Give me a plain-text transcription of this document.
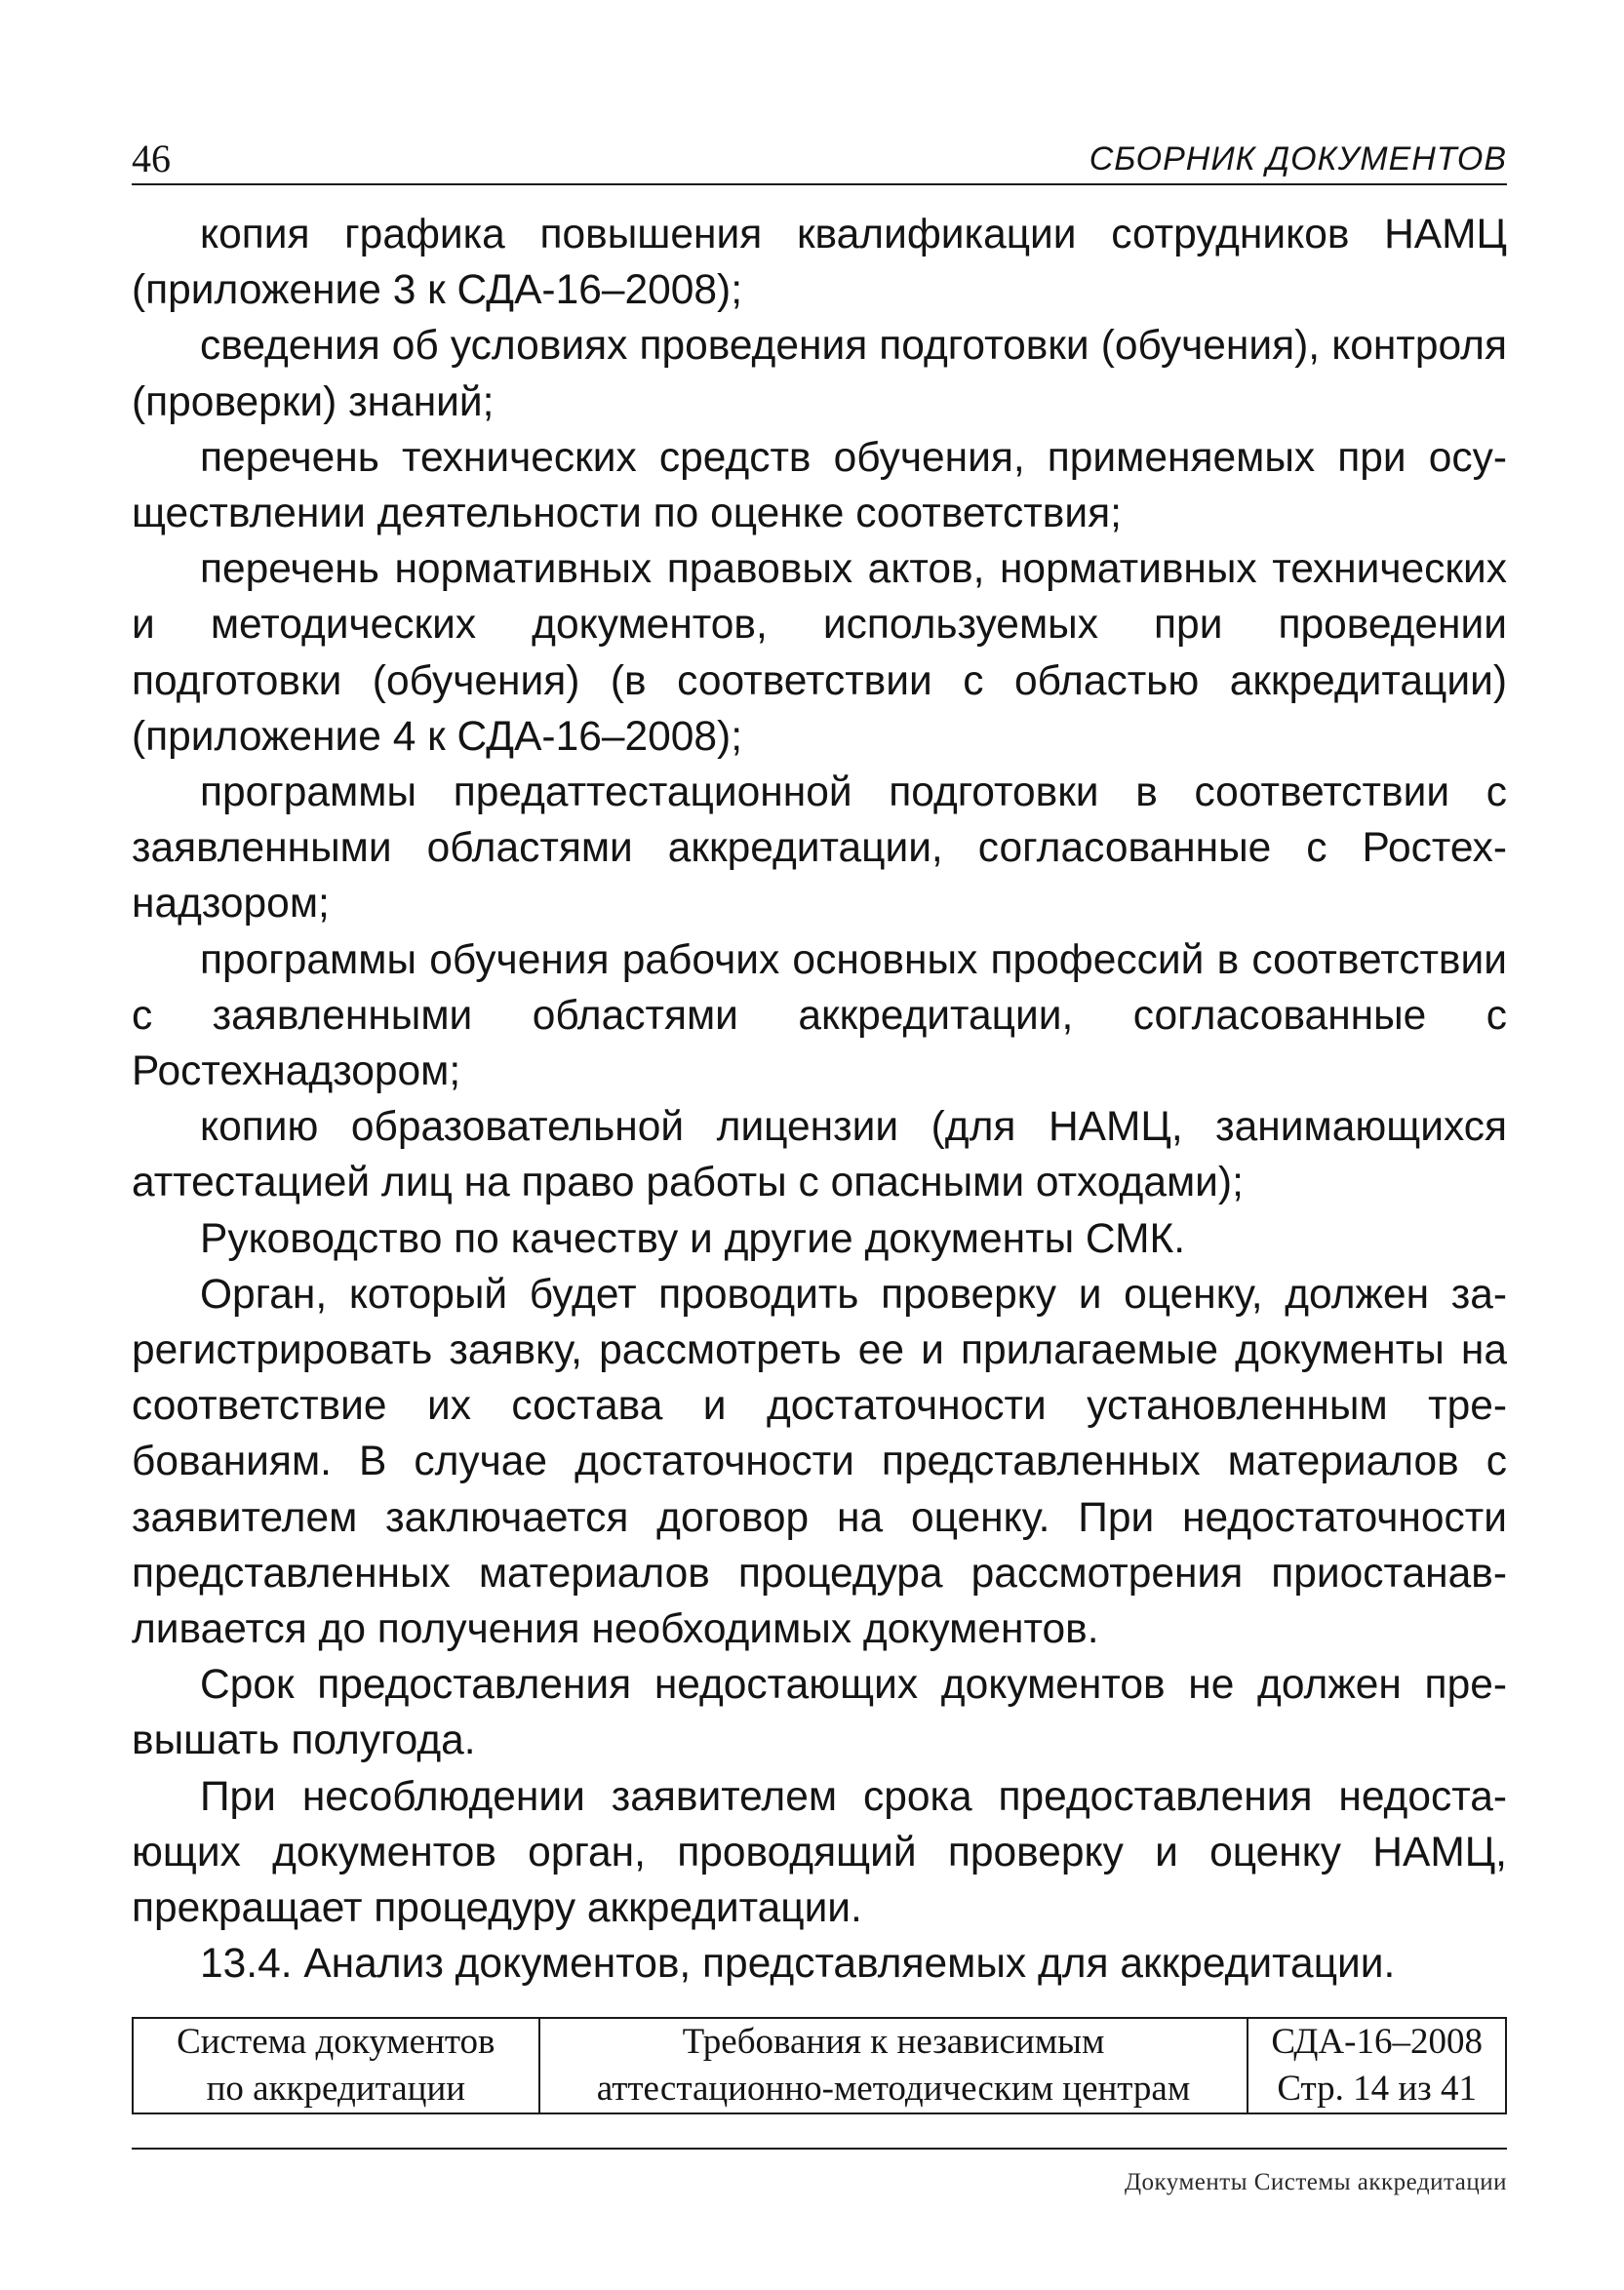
46	СБОРНИК ДОКУМЕНТОВ

копия графика повышения квалификации сотрудников НАМЦ (приложение 3 к СДА-16–2008);

сведения об условиях проведения подготовки (обучения), контроля (проверки) знаний;

перечень технических средств обучения, применяемых при осуществлении деятельности по оценке соответствия;

перечень нормативных правовых актов, нормативных технических и методических документов, используемых при проведении подготовки (обучения) (в соответствии с областью аккредитации) (приложение 4 к СДА-16–2008);

программы предаттестационной подготовки в соответствии с заявленными областями аккредитации, согласованные с Ростехнадзором;

программы обучения рабочих основных профессий в соответствии с заявленными областями аккредитации, согласованные с Ростехнадзором;

копию образовательной лицензии (для НАМЦ, занимающихся аттестацией лиц на право работы с опасными отходами);

Руководство по качеству и другие документы СМК.

Орган, который будет проводить проверку и оценку, должен зарегистрировать заявку, рассмотреть ее и прилагаемые документы на соответствие их состава и достаточности установленным требованиям. В случае достаточности представленных материалов с заявителем заключается договор на оценку. При недостаточности представленных материалов процедура рассмотрения приостанавливается до получения необходимых документов.

Срок предоставления недостающих документов не должен превышать полугода.

При несоблюдении заявителем срока предоставления недостающих документов орган, проводящий проверку и оценку НАМЦ, прекращает процедуру аккредитации.

13.4. Анализ документов, представляемых для аккредитации.

Система документов
по аккредитации

Требования к независимым
аттестационно-методическим центрам

СДА-16–2008
Стр. 14 из 41
Документы Системы аккредитации
